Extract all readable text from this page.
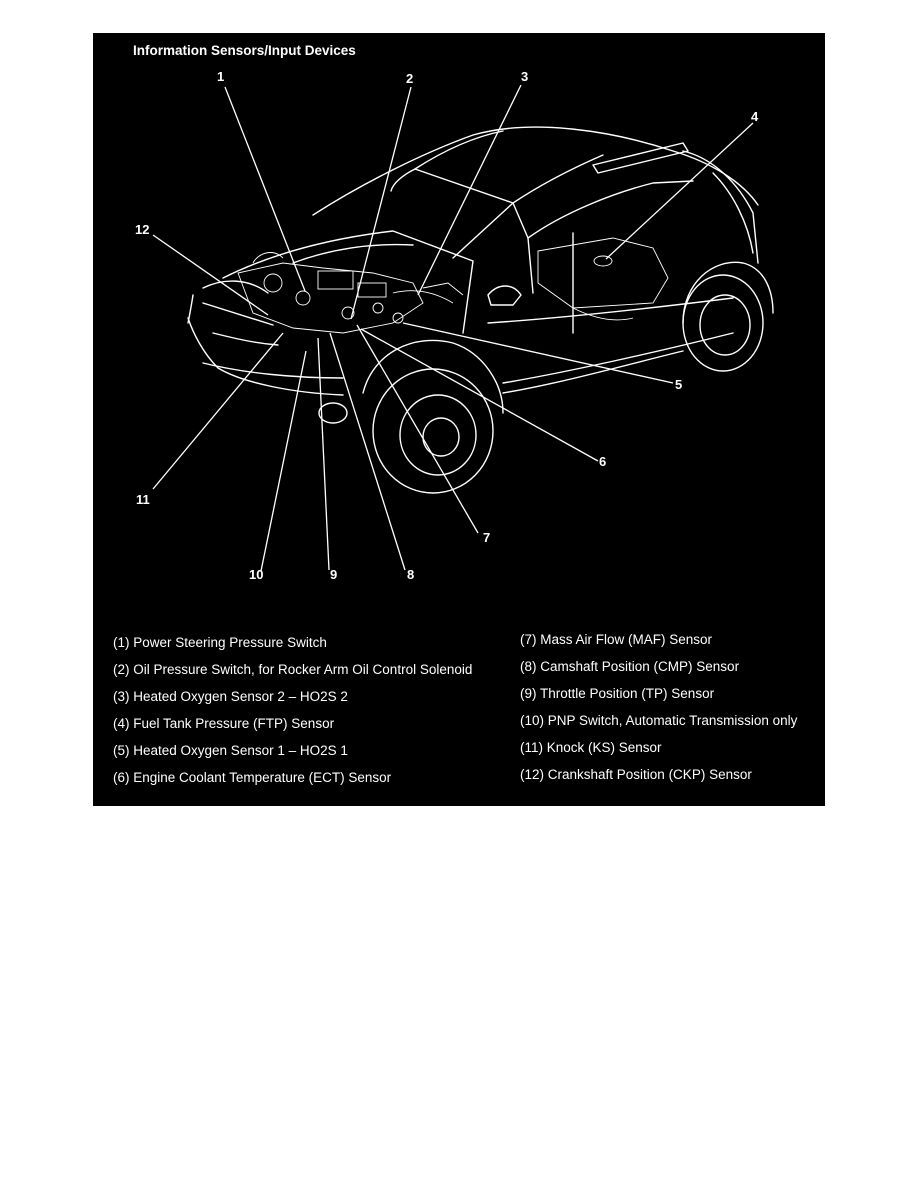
1	2	3
4
5
6
7
8
9
10
11
12
Information Sensors/Input Devices
(1) Power Steering Pressure Switch
(2) Oil Pressure Switch, for Rocker Arm Oil Control Solenoid
(3) Heated Oxygen Sensor 2 – HO2S 2
(4) Fuel Tank Pressure (FTP) Sensor
(5) Heated Oxygen Sensor 1 – HO2S 1
(6) Engine Coolant Temperature (ECT) Sensor
(7) Mass Air Flow (MAF) Sensor
(8) Camshaft Position (CMP) Sensor
(9) Throttle Position (TP) Sensor
(10) PNP Switch, Automatic Transmission only
(11) Knock (KS) Sensor
(12) Crankshaft Position (CKP) Sensor
